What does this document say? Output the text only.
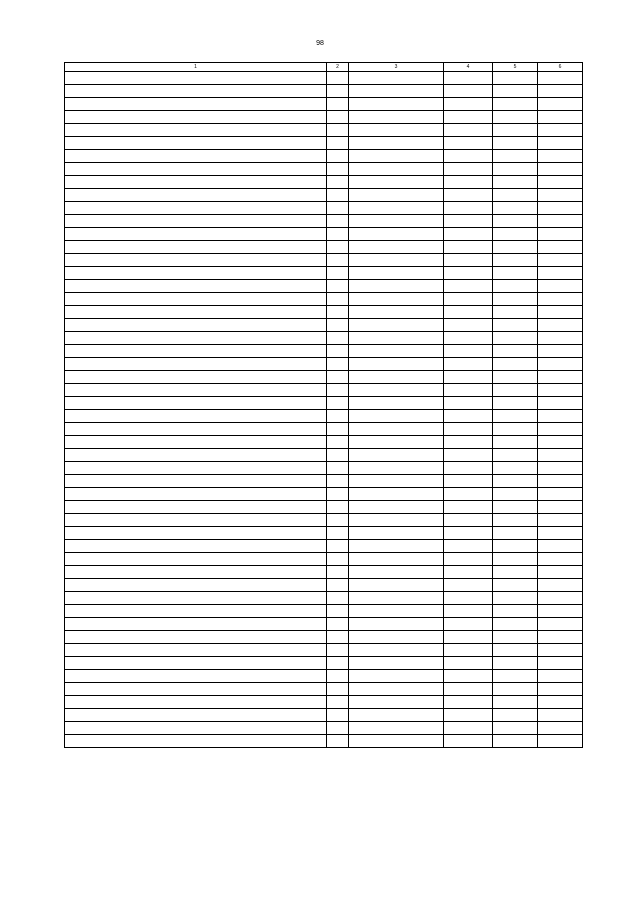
98
1	2	3	4	5	6
